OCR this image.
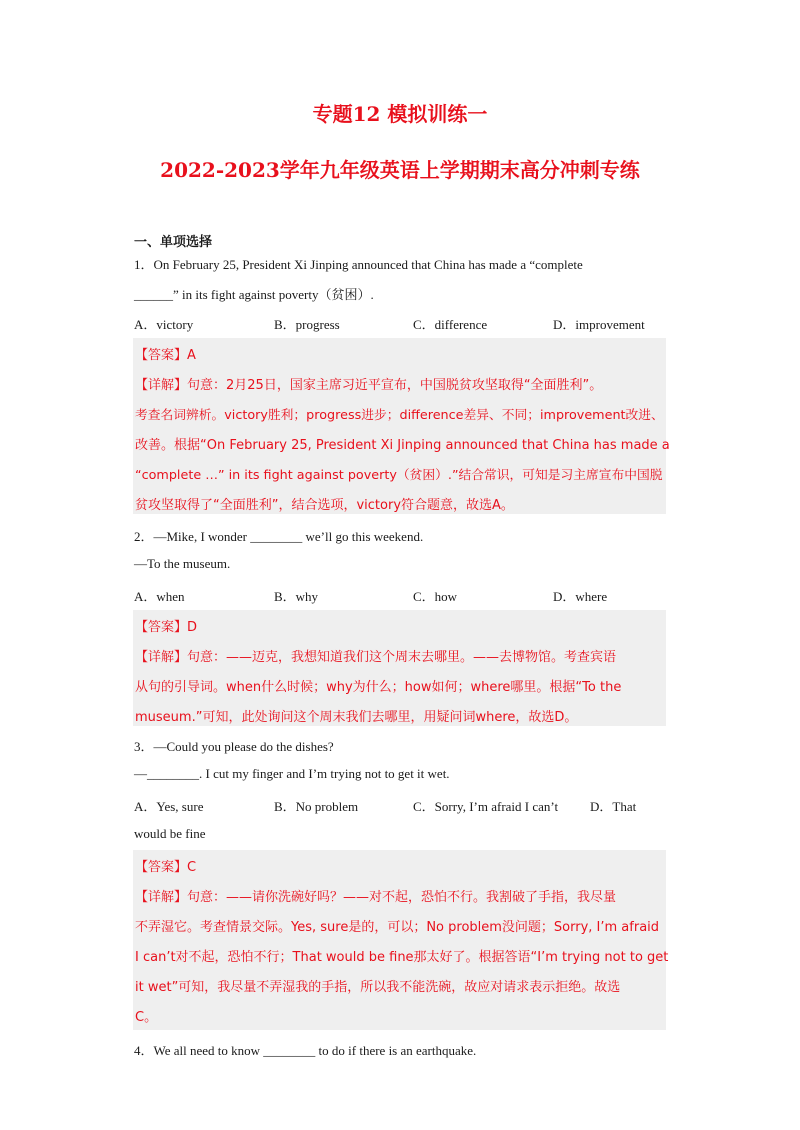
专题12 模拟训练一
2022-2023学年九年级英语上学期期末高分冲刺专练
一、单项选择
1．On February 25, President Xi Jinping announced that China has made a “complete
______” in its fight against poverty（贫困）.
A．victory	B．progress	C．difference	D．improvement
【答案】A
【详解】句意：2月25日，国家主席习近平宣布，中国脱贫攻坚取得“全面胜利”。
考查名词辨析。victory胜利；progress进步；difference差异、不同；improvement改进、
改善。根据“On February 25, President Xi Jinping announced that China has made a
“complete …” in its fight against poverty（贫困）.”结合常识，可知是习主席宣布中国脱
贫攻坚取得了“全面胜利”，结合选项，victory符合题意，故选A。
2．—Mike, I wonder ________ we’ll go this weekend.
—To the museum.
A．when	B．why	C．how	D．where
【答案】D
【详解】句意：——迈克，我想知道我们这个周末去哪里。——去博物馆。考查宾语
从句的引导词。when什么时候；why为什么；how如何；where哪里。根据“To the
museum.”可知，此处询问这个周末我们去哪里，用疑问词where，故选D。
3．—Could you please do the dishes?
—________. I cut my finger and I’m trying not to get it wet.
A．Yes, sure	B．No problem	C．Sorry, I’m afraid I can’t D．That
would be fine
【答案】C
【详解】句意：——请你洗碗好吗？——对不起，恐怕不行。我割破了手指，我尽量
不弄湿它。考查情景交际。Yes, sure是的，可以；No problem没问题；Sorry, I’m afraid
I can’t对不起，恐怕不行；That would be fine那太好了。根据答语“I’m trying not to get
it wet”可知，我尽量不弄湿我的手指，所以我不能洗碗，故应对请求表示拒绝。故选
C。
4．We all need to know ________ to do if there is an earthquake.
